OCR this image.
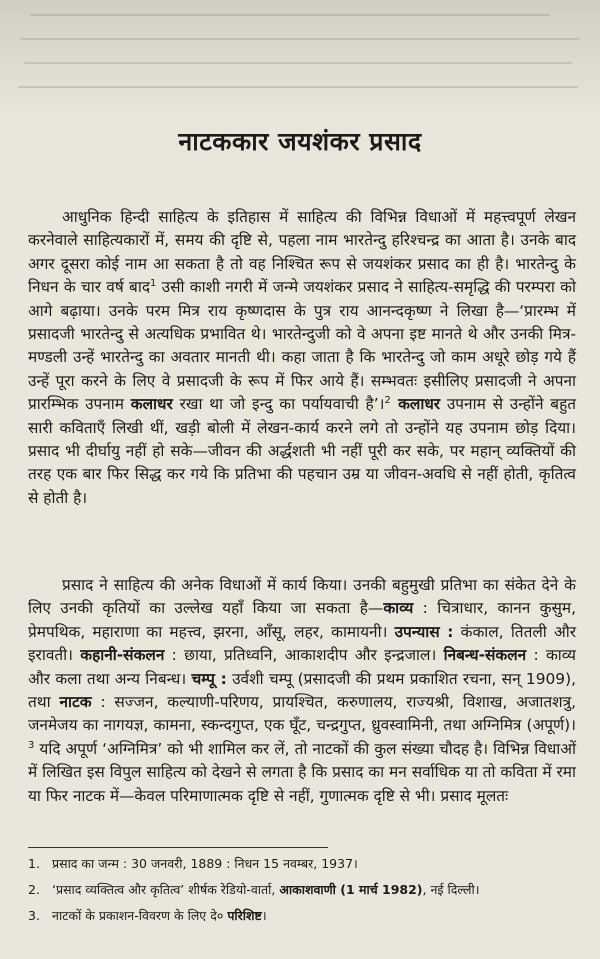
नाटककार जयशंकर प्रसाद

आधुनिक हिन्दी साहित्य के इतिहास में साहित्य की विभिन्न विधाओं में महत्त्वपूर्ण लेखन करनेवाले साहित्यकारों में, समय की दृष्टि से, पहला नाम भारतेन्दु हरिश्चन्द्र का आता है। उनके बाद अगर दूसरा कोई नाम आ सकता है तो वह निश्चित रूप से जयशंकर प्रसाद का ही है। भारतेन्दु के निधन के चार वर्ष बाद$^1$ उसी काशी नगरी में जन्मे जयशंकर प्रसाद ने साहित्य-समृद्धि की परम्परा को आगे बढ़ाया। उनके परम मित्र राय कृष्णदास के पुत्र राय आनन्दकृष्ण ने लिखा है—‘प्रारम्भ में प्रसादजी भारतेन्दु से अत्यधिक प्रभावित थे। भारतेन्दुजी को वे अपना इष्ट मानते थे और उनकी मित्र-मण्डली उन्हें भारतेन्दु का अवतार मानती थी। कहा जाता है कि भारतेन्दु जो काम अधूरे छोड़ गये हैं उन्हें पूरा करने के लिए वे प्रसादजी के रूप में फिर आये हैं। सम्भवतः इसीलिए प्रसादजी ने अपना प्रारम्भिक उपनाम कलाधर रखा था जो इन्दु का पर्यायवाची है’।$^2$ कलाधर उपनाम से उन्होंने बहुत सारी कविताएँ लिखी थीं, खड़ी बोली में लेखन-कार्य करने लगे तो उन्होंने यह उपनाम छोड़ दिया। प्रसाद भी दीर्घायु नहीं हो सके—जीवन की अर्द्धशती भी नहीं पूरी कर सके, पर महान् व्यक्तियों की तरह एक बार फिर सिद्ध कर गये कि प्रतिभा की पहचान उम्र या जीवन-अवधि से नहीं होती, कृतित्व से होती है।

प्रसाद ने साहित्य की अनेक विधाओं में कार्य किया। उनकी बहुमुखी प्रतिभा का संकेत देने के लिए उनकी कृतियों का उल्लेख यहाँ किया जा सकता है—काव्य : चित्राधार, कानन कुसुम, प्रेमपथिक, महाराणा का महत्त्व, झरना, आँसू, लहर, कामायनी। उपन्यास : कंकाल, तितली और इरावती। कहानी-संकलन : छाया, प्रतिध्वनि, आकाशदीप और इन्द्रजाल। निबन्ध-संकलन : काव्य और कला तथा अन्य निबन्ध। चम्पू : उर्वशी चम्पू (प्रसादजी की प्रथम प्रकाशित रचना, सन् 1909), तथा नाटक : सज्जन, कल्याणी-परिणय, प्रायश्चित, करुणालय, राज्यश्री, विशाख, अजातशत्रु, जनमेजय का नागयज्ञ, कामना, स्कन्दगुप्त, एक घूँट, चन्द्रगुप्त, ध्रुवस्वामिनी, तथा अग्निमित्र (अपूर्ण)।$^3$ यदि अपूर्ण ‘अग्निमित्र’ को भी शामिल कर लें, तो नाटकों की कुल संख्या चौदह है। विभिन्न विधाओं में लिखित इस विपुल साहित्य को देखने से लगता है कि प्रसाद का मन सर्वाधिक या तो कविता में रमा या फिर नाटक में—केवल परिमाणात्मक दृष्टि से नहीं, गुणात्मक दृष्टि से भी। प्रसाद मूलतः

1. प्रसाद का जन्म : 30 जनवरी, 1889 : निधन 15 नवम्बर, 1937।
2. ‘प्रसाद व्यक्तित्व और कृतित्व’ शीर्षक रेडियो-वार्ता, आकाशवाणी (1 मार्च 1982), नई दिल्ली।
3. नाटकों के प्रकाशन-विवरण के लिए दे० परिशिष्ट।
